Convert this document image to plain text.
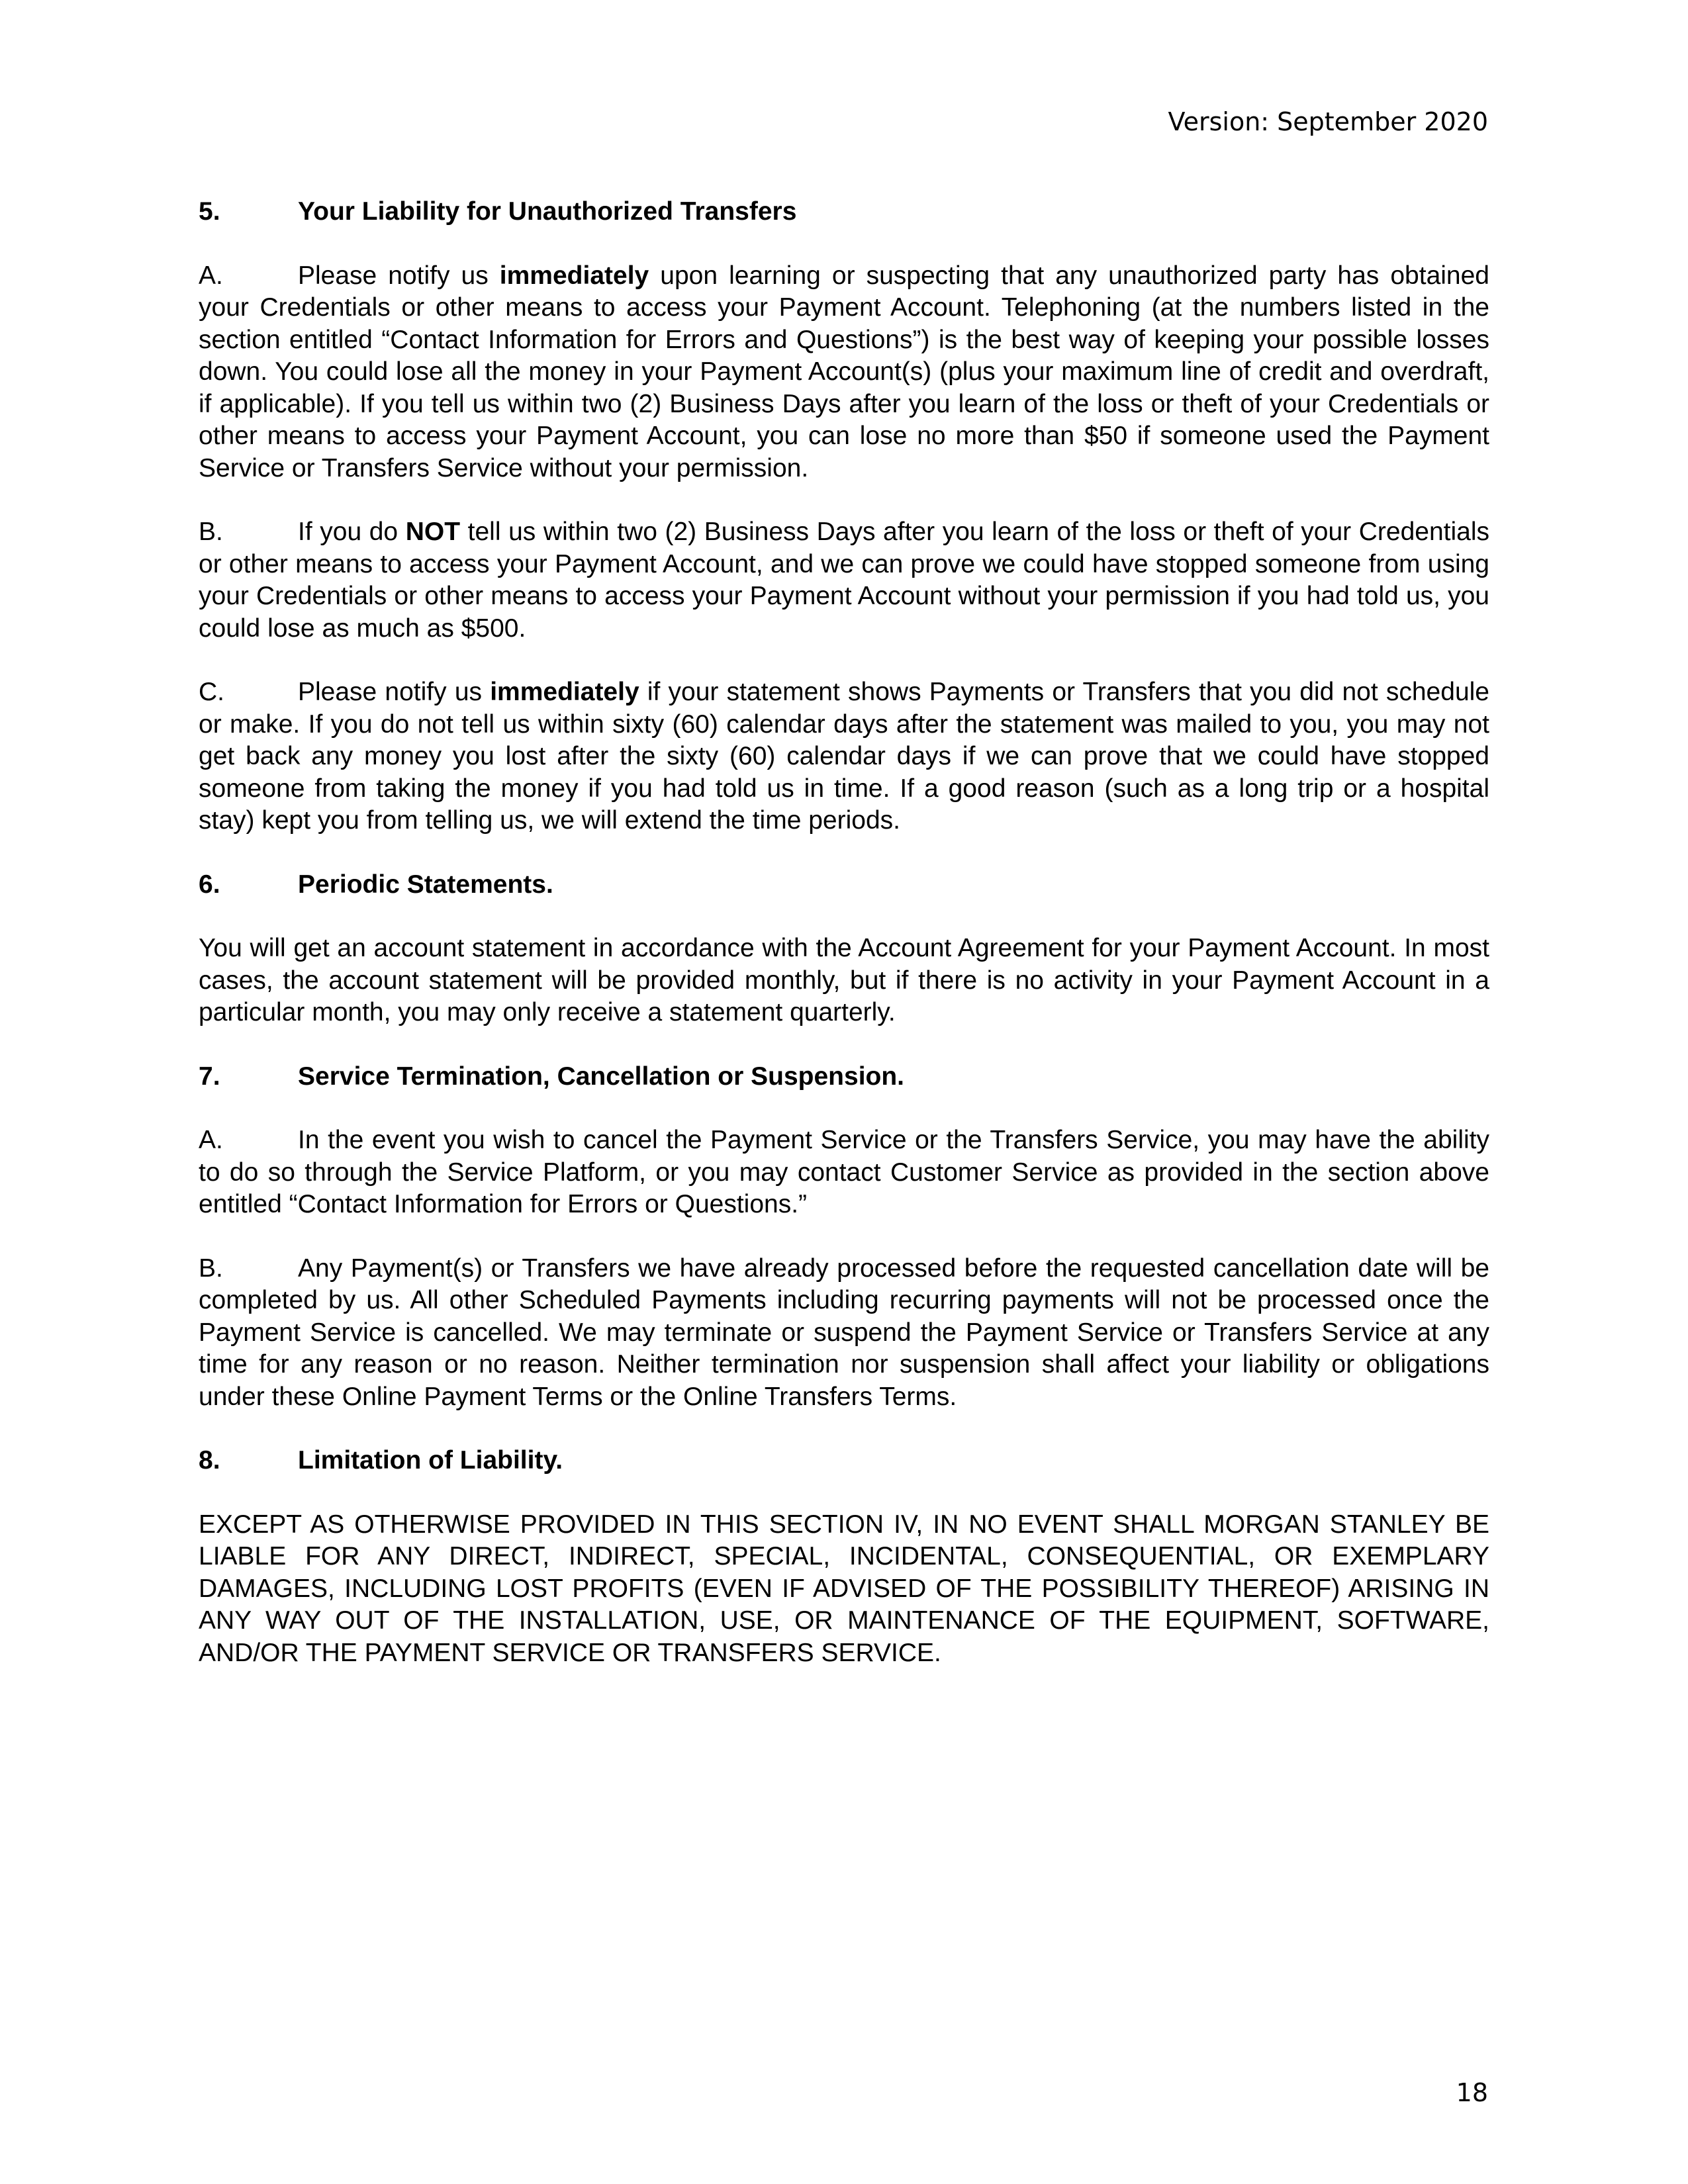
Version: September 2020
5.	Your Liability for Unauthorized Transfers

A.	Please notify us immediately upon learning or suspecting that any unauthorized party has obtained your Credentials or other means to access your Payment Account. Telephoning (at the numbers listed in the section entitled “Contact Information for Errors and Questions”) is the best way of keeping your possible losses down. You could lose all the money in your Payment Account(s) (plus your maximum line of credit and overdraft, if applicable). If you tell us within two (2) Business Days after you learn of the loss or theft of your Credentials or other means to access your Payment Account, you can lose no more than $50 if someone used the Payment Service or Transfers Service without your permission.

B.	If you do NOT tell us within two (2) Business Days after you learn of the loss or theft of your Credentials or other means to access your Payment Account, and we can prove we could have stopped someone from using your Credentials or other means to access your Payment Account without your permission if you had told us, you could lose as much as $500.

C.	Please notify us immediately if your statement shows Payments or Transfers that you did not schedule or make. If you do not tell us within sixty (60) calendar days after the statement was mailed to you, you may not get back any money you lost after the sixty (60) calendar days if we can prove that we could have stopped someone from taking the money if you had told us in time. If a good reason (such as a long trip or a hospital stay) kept you from telling us, we will extend the time periods.

6.	Periodic Statements.

You will get an account statement in accordance with the Account Agreement for your Payment Account. In most cases, the account statement will be provided monthly, but if there is no activity in your Payment Account in a particular month, you may only receive a statement quarterly.

7.	Service Termination, Cancellation or Suspension.

A.	In the event you wish to cancel the Payment Service or the Transfers Service, you may have the ability to do so through the Service Platform, or you may contact Customer Service as provided in the section above entitled “Contact Information for Errors or Questions.”

B.	Any Payment(s) or Transfers we have already processed before the requested cancellation date will be completed by us. All other Scheduled Payments including recurring payments will not be processed once the Payment Service is cancelled. We may terminate or suspend the Payment Service or Transfers Service at any time for any reason or no reason. Neither termination nor suspension shall affect your liability or obligations under these Online Payment Terms or the Online Transfers Terms.

8.	Limitation of Liability.

EXCEPT AS OTHERWISE PROVIDED IN THIS SECTION IV, IN NO EVENT SHALL MORGAN STANLEY BE LIABLE FOR ANY DIRECT, INDIRECT, SPECIAL, INCIDENTAL, CONSEQUENTIAL, OR EXEMPLARY DAMAGES, INCLUDING LOST PROFITS (EVEN IF ADVISED OF THE POSSIBILITY THEREOF) ARISING IN ANY WAY OUT OF THE INSTALLATION, USE, OR MAINTENANCE OF THE EQUIPMENT, SOFTWARE, AND/OR THE PAYMENT SERVICE OR TRANSFERS SERVICE.

18
